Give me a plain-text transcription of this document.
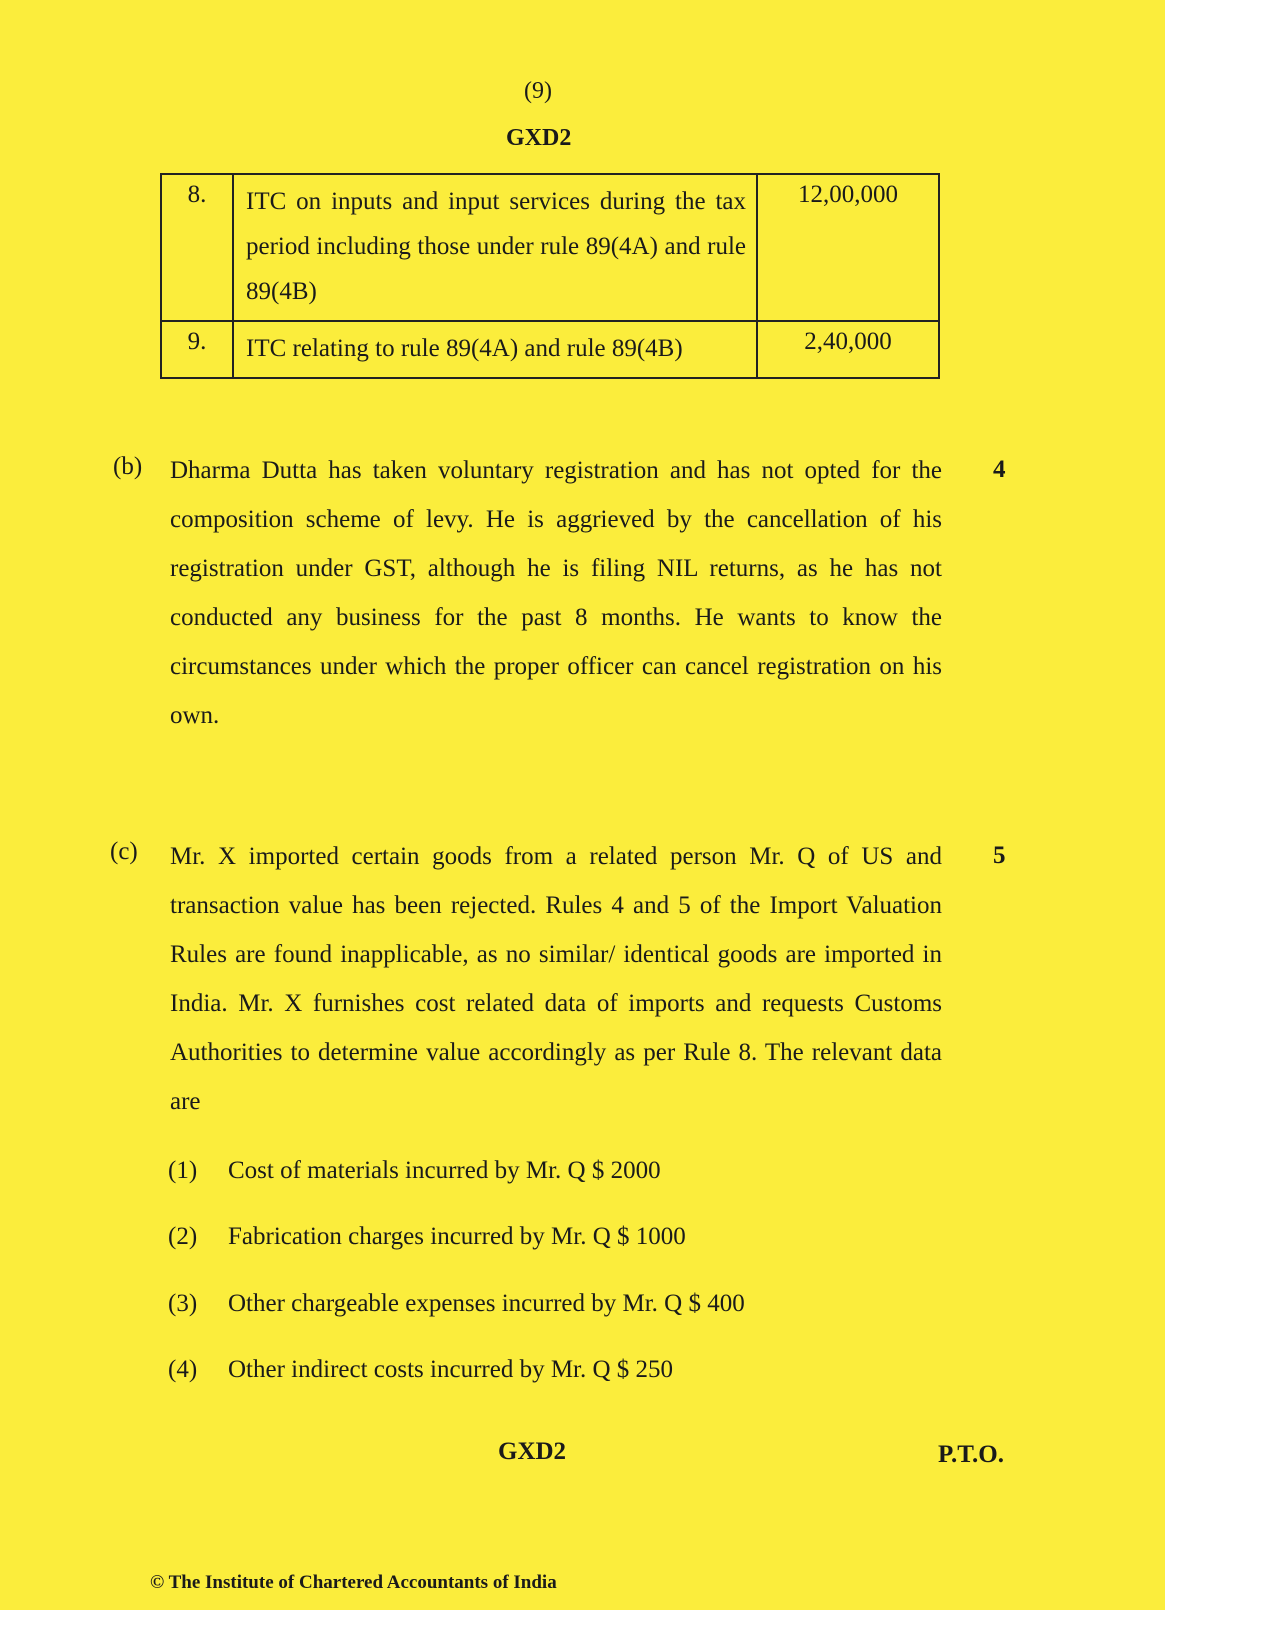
(9)
GXD2
8.	ITC on inputs and input services during the tax period including those under rule 89(4A) and rule 89(4B)	12,00,000
9.	ITC relating to rule 89(4A) and rule 89(4B)	2,40,000
(b)	4
Dharma Dutta has taken voluntary registration and has not opted for the composition scheme of levy. He is aggrieved by the cancellation of his registration under GST, although he is filing NIL returns, as he has not conducted any business for the past 8 months. He wants to know the circumstances under which the proper officer can cancel registration on his own.
(c)	5
Mr. X imported certain goods from a related person Mr. Q of US and transaction value has been rejected. Rules 4 and 5 of the Import Valuation Rules are found inapplicable, as no similar/ identical goods are imported in India. Mr. X furnishes cost related data of imports and requests Customs Authorities to determine value accordingly as per Rule 8. The relevant data are
(1) Cost of materials incurred by Mr. Q $ 2000
(2) Fabrication charges incurred by Mr. Q $ 1000
(3) Other chargeable expenses incurred by Mr. Q $ 400
(4) Other indirect costs incurred by Mr. Q $ 250
GXD2	P.T.O.
© The Institute of Chartered Accountants of India
